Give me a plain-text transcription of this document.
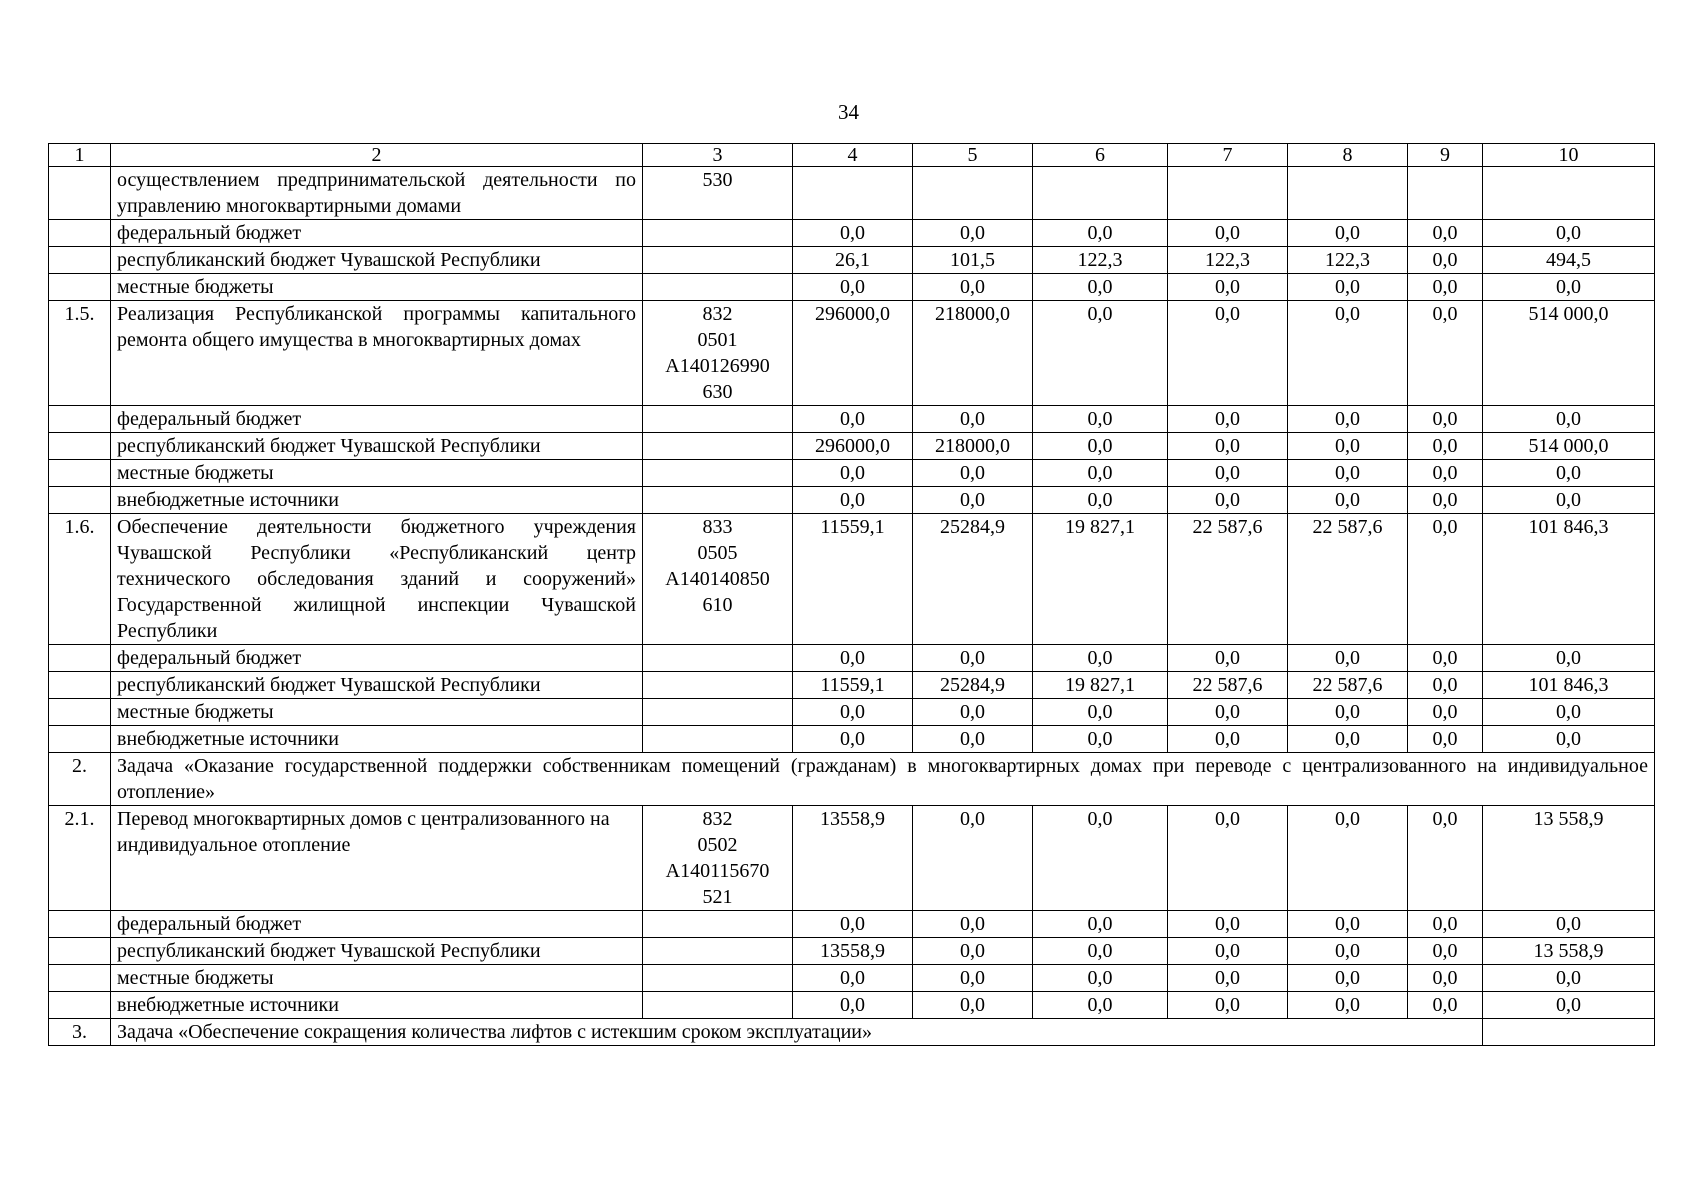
34
1	2	3	4	5	6	7	8	9	10
	осуществлением предпринимательской деятельности по управлению многоквартирными домами	530							
	федеральный бюджет		0,0	0,0	0,0	0,0	0,0	0,0	0,0
	республиканский бюджет Чувашской Республики		26,1	101,5	122,3	122,3	122,3	0,0	494,5
	местные бюджеты		0,0	0,0	0,0	0,0	0,0	0,0	0,0
1.5.	Реализация Республиканской программы капитального ремонта общего имущества в многоквартирных домах	832
0501
А140126990
630	296000,0	218000,0	0,0	0,0	0,0	0,0	514 000,0
	федеральный бюджет		0,0	0,0	0,0	0,0	0,0	0,0	0,0
	республиканский бюджет Чувашской Республики		296000,0	218000,0	0,0	0,0	0,0	0,0	514 000,0
	местные бюджеты		0,0	0,0	0,0	0,0	0,0	0,0	0,0
	внебюджетные источники		0,0	0,0	0,0	0,0	0,0	0,0	0,0
1.6.	Обеспечение деятельности бюджетного учреждения Чувашской Республики «Республиканский центр технического обследования зданий и сооружений» Государственной жилищной инспекции Чувашской Республики	833
0505
А140140850
610	11559,1	25284,9	19 827,1	22 587,6	22 587,6	0,0	101 846,3
	федеральный бюджет		0,0	0,0	0,0	0,0	0,0	0,0	0,0
	республиканский бюджет Чувашской Республики		11559,1	25284,9	19 827,1	22 587,6	22 587,6	0,0	101 846,3
	местные бюджеты		0,0	0,0	0,0	0,0	0,0	0,0	0,0
	внебюджетные источники		0,0	0,0	0,0	0,0	0,0	0,0	0,0
2.	Задача «Оказание государственной поддержки собственникам помещений (гражданам) в многоквартирных домах при переводе с централизованного на индивидуальное отопление»								
2.1.	Перевод многоквартирных домов с централизованного на индивидуальное отопление	832
0502
А140115670
521	13558,9	0,0	0,0	0,0	0,0	0,0	13 558,9
	федеральный бюджет		0,0	0,0	0,0	0,0	0,0	0,0	0,0
	республиканский бюджет Чувашской Республики		13558,9	0,0	0,0	0,0	0,0	0,0	13 558,9
	местные бюджеты		0,0	0,0	0,0	0,0	0,0	0,0	0,0
	внебюджетные источники		0,0	0,0	0,0	0,0	0,0	0,0	0,0
3.	Задача «Обеспечение сокращения количества лифтов с истекшим сроком эксплуатации»								
